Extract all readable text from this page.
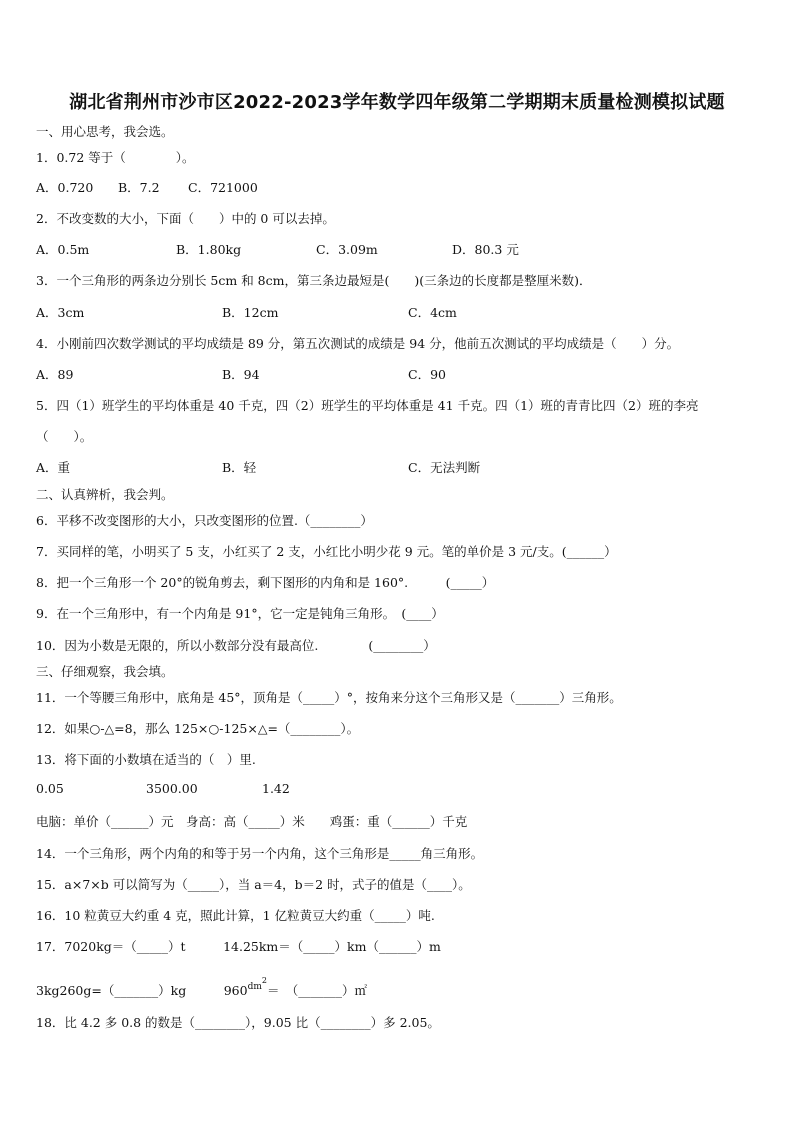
湖北省荆州市沙市区2022-2023学年数学四年级第二学期期末质量检测模拟试题
一、用心思考，我会选。
1．0.72 等于（　　　　）。
A．0.720 B．7.2 C．721000
2．不改变数的大小，下面（　　）中的 0 可以去掉。
A．0.5m	B．1.80kg	C．3.09m	D．80.3 元
3．一个三角形的两条边分别长 5cm 和 8cm，第三条边最短是(　　)(三条边的长度都是整厘米数)．
A．3cm	B．12cm	C．4cm
4．小刚前四次数学测试的平均成绩是 89 分，第五次测试的成绩是 94 分，他前五次测试的平均成绩是（　　）分。
A．89	B．94	C．90
5．四（1）班学生的平均体重是 40 千克，四（2）班学生的平均体重是 41 千克。四（1）班的青青比四（2）班的李亮
（　　）。
A．重	B．轻	C．无法判断
二、认真辨析，我会判。
6．平移不改变图形的大小，只改变图形的位置.（________）
7．买同样的笔，小明买了 5 支，小红买了 2 支，小红比小明少花 9 元。笔的单价是 3 元/支。(______）
8．把一个三角形一个 20°的锐角剪去，剩下图形的内角和是 160°.　　　(_____）
9．在一个三角形中，有一个内角是 91°，它一定是钝角三角形。　(____）
10．因为小数是无限的，所以小数部分没有最高位.　　　　(________）
三、仔细观察，我会填。
11．一个等腰三角形中，底角是 45°，顶角是（_____）°，按角来分这个三角形又是（_______）三角形。
12．如果○-△=8，那么 125×○-125×△=（________）。
13．将下面的小数填在适当的（　）里.
0.05	3500.00	1.42
电脑：单价（______）元　身高：高（_____）米　　鸡蛋：重（______）千克
14．一个三角形，两个内角的和等于另一个内角，这个三角形是_____角三角形。
15．a×7×b 可以简写为（_____），当 a＝4，b＝2 时，式子的值是（____）。
16．10 粒黄豆大约重 4 克，照此计算，1 亿粒黄豆大约重（_____）吨.
17．7020kg＝（_____）t　　　14.25km＝（_____）km（______）m
3kg260g=（_______）kg　　　$960^{dm2}=$　（_______）㎡
18．比 4.2 多 0.8 的数是（________），9.05 比（________）多 2.05。
